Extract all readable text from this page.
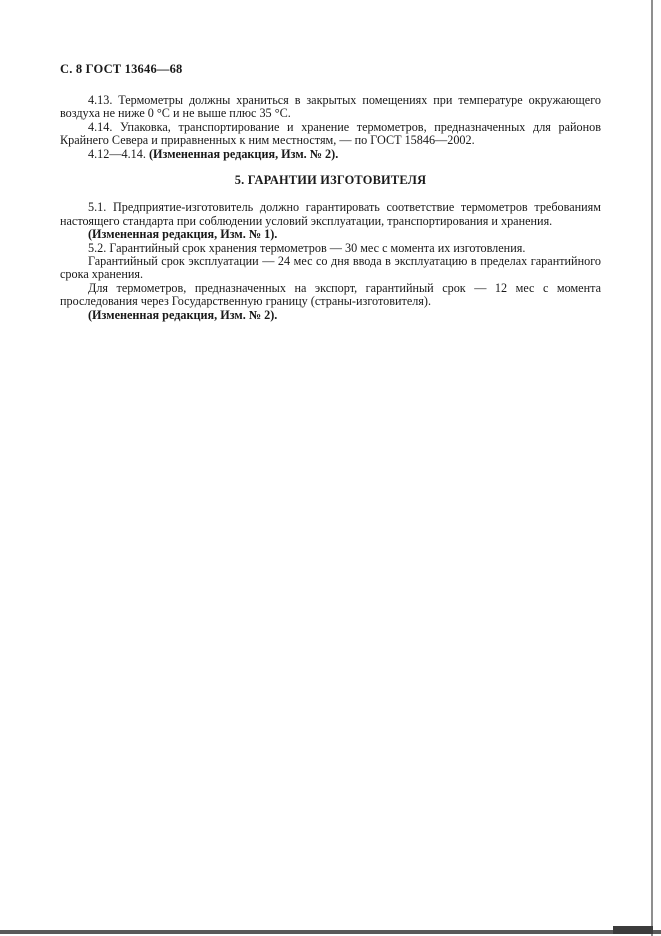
С. 8 ГОСТ 13646—68

4.13. Термометры должны храниться в закрытых помещениях при температуре окружающего воздуха не ниже 0 °С и не выше плюс 35 °С.

4.14. Упаковка, транспортирование и хранение термометров, предназначенных для районов Крайнего Севера и приравненных к ним местностям, — по ГОСТ 15846—2002.

4.12—4.14. (Измененная редакция, Изм. № 2).

5. ГАРАНТИИ ИЗГОТОВИТЕЛЯ

5.1. Предприятие-изготовитель должно гарантировать соответствие термометров требованиям настоящего стандарта при соблюдении условий эксплуатации, транспортирования и хранения.

(Измененная редакция, Изм. № 1).

5.2. Гарантийный срок хранения термометров — 30 мес с момента их изготовления.

Гарантийный срок эксплуатации — 24 мес со дня ввода в эксплуатацию в пределах гарантийного срока хранения.

Для термометров, предназначенных на экспорт, гарантийный срок — 12 мес с момента проследования через Государственную границу (страны-изготовителя).

(Измененная редакция, Изм. № 2).
